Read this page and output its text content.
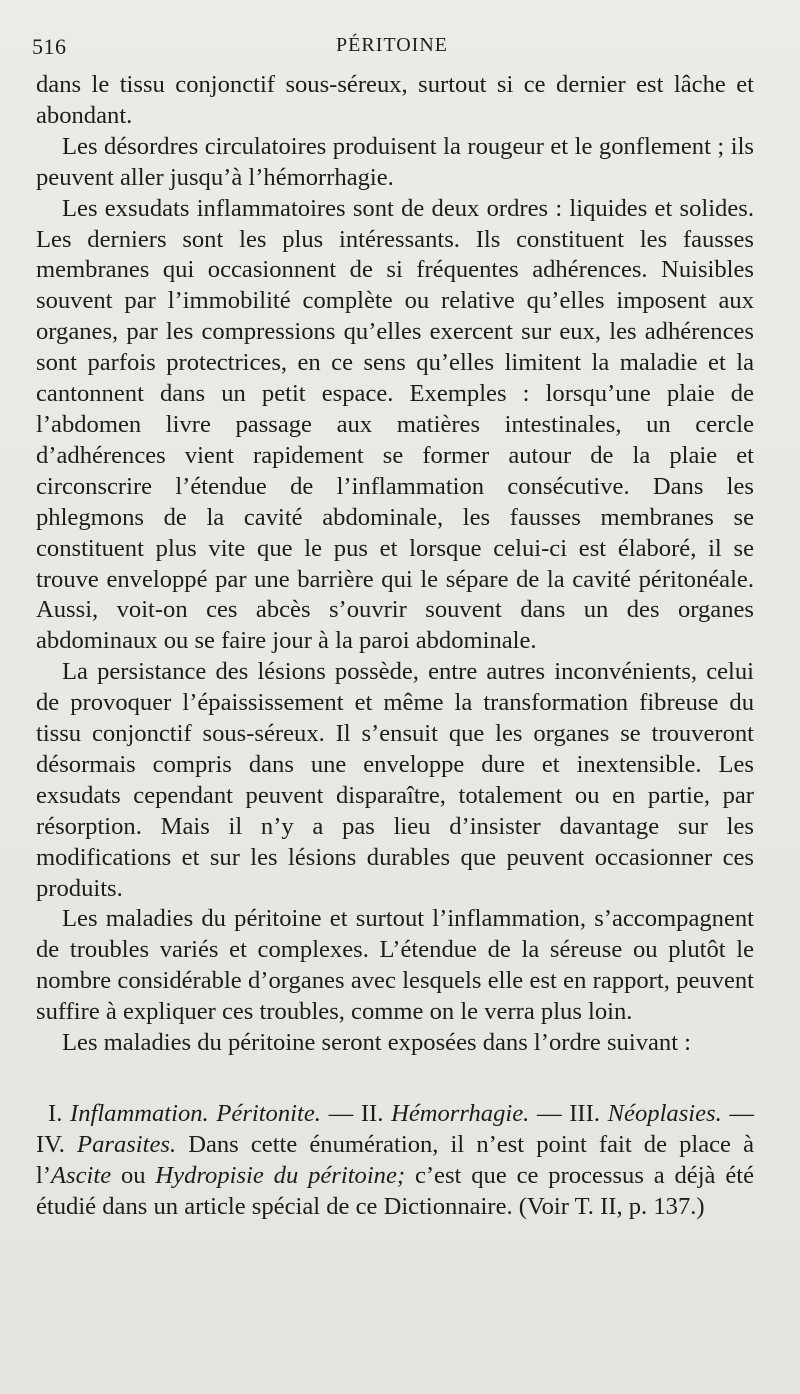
516	PÉRITOINE

dans le tissu conjonctif sous-séreux, surtout si ce dernier est lâche et abondant.

Les désordres circulatoires produisent la rougeur et le gonflement ; ils peuvent aller jusqu’à l’hémorrhagie.

Les exsudats inflammatoires sont de deux ordres : liquides et solides. Les derniers sont les plus intéressants. Ils constituent les fausses membranes qui occasionnent de si fréquentes adhérences. Nuisibles souvent par l’immobilité complète ou relative qu’elles imposent aux organes, par les compressions qu’elles exercent sur eux, les adhérences sont parfois protectrices, en ce sens qu’elles limitent la maladie et la cantonnent dans un petit espace. Exemples : lorsqu’une plaie de l’abdomen livre passage aux matières intestinales, un cercle d’adhérences vient rapidement se former autour de la plaie et circonscrire l’étendue de l’inflammation consécutive. Dans les phlegmons de la cavité abdominale, les fausses membranes se constituent plus vite que le pus et lorsque celui-ci est élaboré, il se trouve enveloppé par une barrière qui le sépare de la cavité péritonéale. Aussi, voit-on ces abcès s’ouvrir souvent dans un des organes abdominaux ou se faire jour à la paroi abdominale.

La persistance des lésions possède, entre autres inconvénients, celui de provoquer l’épaississement et même la transformation fibreuse du tissu conjonctif sous-séreux. Il s’ensuit que les organes se trouveront désormais compris dans une enveloppe dure et inextensible. Les exsudats cependant peuvent disparaître, totalement ou en partie, par résorption. Mais il n’y a pas lieu d’insister davantage sur les modifications et sur les lésions durables que peuvent occasionner ces produits.

Les maladies du péritoine et surtout l’inflammation, s’accompagnent de troubles variés et complexes. L’étendue de la séreuse ou plutôt le nombre considérable d’organes avec lesquels elle est en rapport, peuvent suffire à expliquer ces troubles, comme on le verra plus loin.

Les maladies du péritoine seront exposées dans l’ordre suivant :

I. Inflammation. Péritonite. — II. Hémorrhagie. — III. Néoplasies. — IV. Parasites. Dans cette énumération, il n’est point fait de place à l’Ascite ou Hydropisie du péritoine; c’est que ce processus a déjà été étudié dans un article spécial de ce Dictionnaire. (Voir T. II, p. 137.)
